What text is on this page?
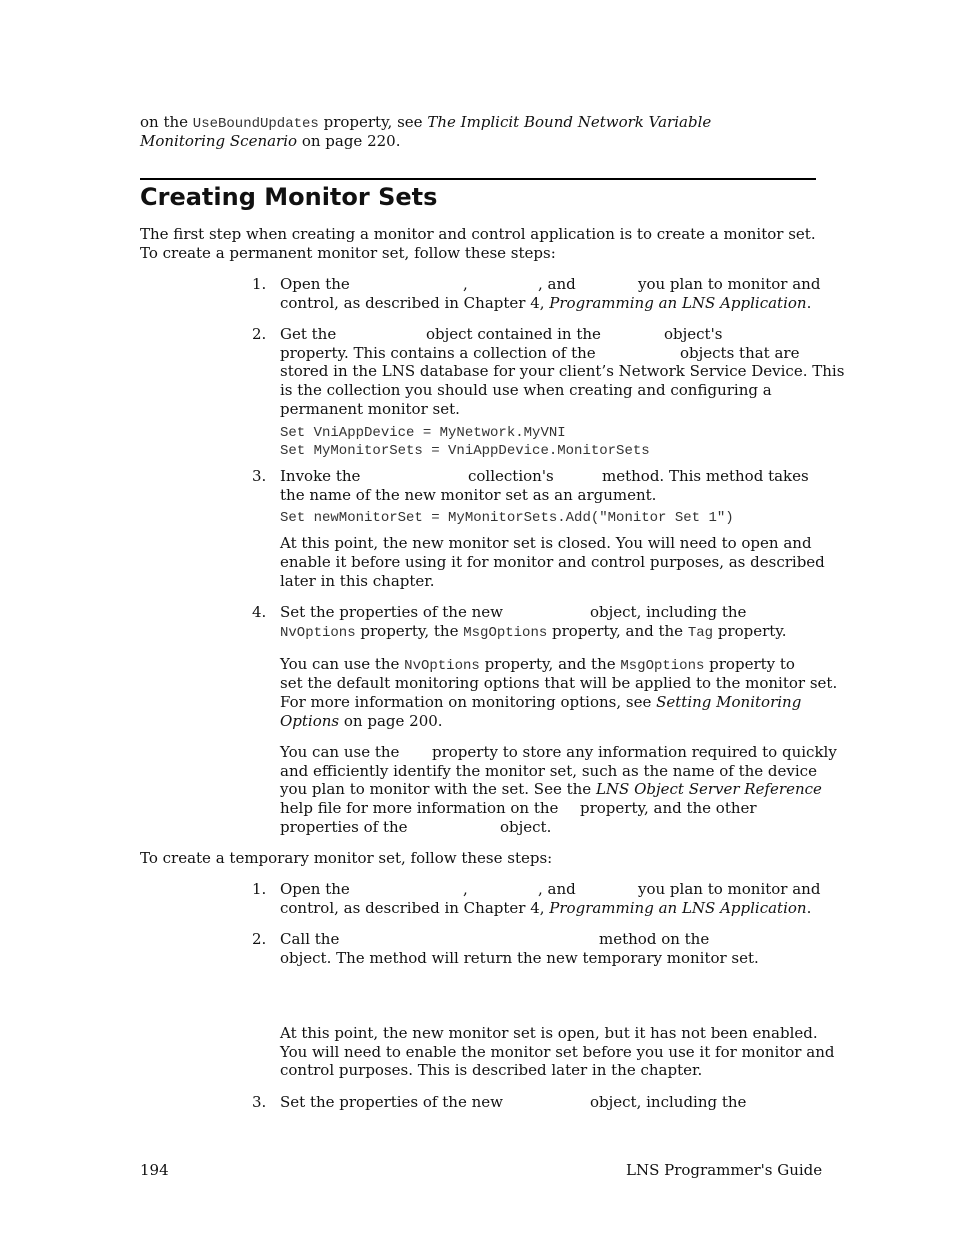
on the UseBoundUpdates property, see The Implicit Bound Network Variable
Monitoring Scenario on page 220.
Creating Monitor Sets
The first step when creating a monitor and control application is to create a monitor set.
To create a permanent monitor set, follow these steps:
1. Open the	,	, and	you plan to monitor and
control, as described in Chapter 4, Programming an LNS Application.
2. Get the	object contained in the	object's
property. This contains a collection of the	objects that are
stored in the LNS database for your client’s Network Service Device. This
is the collection you should use when creating and configuring a
permanent monitor set.
Set VniAppDevice = MyNetwork.MyVNI
Set MyMonitorSets = VniAppDevice.MonitorSets
3. Invoke the	collection's	method. This method takes
the name of the new monitor set as an argument.
Set newMonitorSet = MyMonitorSets.Add("Monitor Set 1")
At this point, the new monitor set is closed. You will need to open and
enable it before using it for monitor and control purposes, as described
later in this chapter.
4. Set the properties of the new	object, including the
NvOptions property, the MsgOptions property, and the Tag property.
You can use the NvOptions property, and the MsgOptions property to
set the default monitoring options that will be applied to the monitor set.
For more information on monitoring options, see Setting Monitoring
Options on page 200.
You can use the property to store any information required to quickly
and efficiently identify the monitor set, such as the name of the device
you plan to monitor with the set. See the LNS Object Server Reference
help file for more information on the property, and the other
properties of the	object.
To create a temporary monitor set, follow these steps:
1. Open the	,	, and	you plan to monitor and
control, as described in Chapter 4, Programming an LNS Application.
2. Call the	method on the
object. The method will return the new temporary monitor set.
At this point, the new monitor set is open, but it has not been enabled.
You will need to enable the monitor set before you use it for monitor and
control purposes. This is described later in the chapter.
3. Set the properties of the new	object, including the
194	LNS Programmer's Guide
